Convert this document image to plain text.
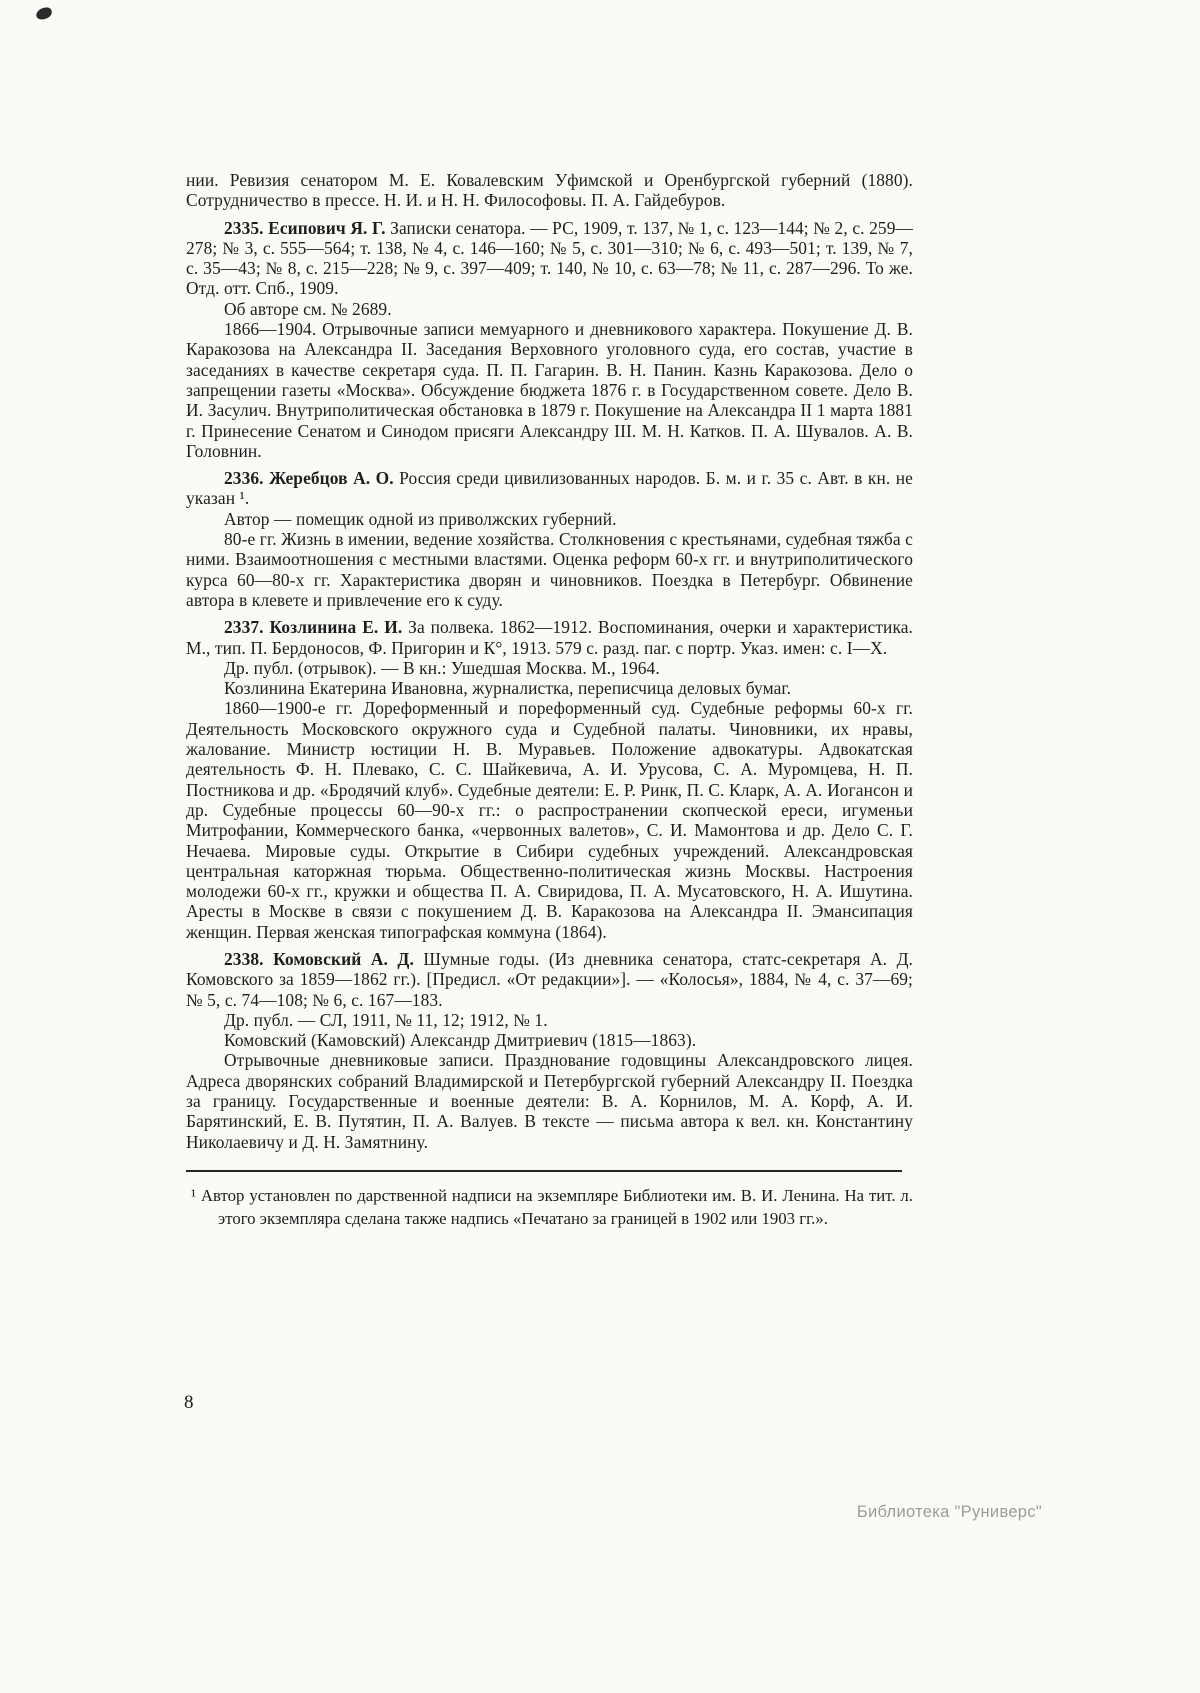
нии. Ревизия сенатором М. Е. Ковалевским Уфимской и Оренбургской губерний (1880). Сотрудничество в прессе. Н. И. и Н. Н. Философовы. П. А. Гайдебуров.

2335. Есипович Я. Г. Записки сенатора. — РС, 1909, т. 137, № 1, с. 123—144; № 2, с. 259—278; № 3, с. 555—564; т. 138, № 4, с. 146—160; № 5, с. 301—310; № 6, с. 493—501; т. 139, № 7, с. 35—43; № 8, с. 215—228; № 9, с. 397—409; т. 140, № 10, с. 63—78; № 11, с. 287—296. То же. Отд. отт. Спб., 1909.

Об авторе см. № 2689.

1866—1904. Отрывочные записи мемуарного и дневникового характера. Покушение Д. В. Каракозова на Александра II. Заседания Верховного уголовного суда, его состав, участие в заседаниях в качестве секретаря суда. П. П. Гагарин. В. Н. Панин. Казнь Каракозова. Дело о запрещении газеты «Москва». Обсуждение бюджета 1876 г. в Государственном совете. Дело В. И. Засулич. Внутриполитическая обстановка в 1879 г. Покушение на Александра II 1 марта 1881 г. Принесение Сенатом и Синодом присяги Александру III. М. Н. Катков. П. А. Шувалов. А. В. Головнин.

2336. Жеребцов А. О. Россия среди цивилизованных народов. Б. м. и г. 35 с. Авт. в кн. не указан ¹.

Автор — помещик одной из приволжских губерний.

80-е гг. Жизнь в имении, ведение хозяйства. Столкновения с крестьянами, судебная тяжба с ними. Взаимоотношения с местными властями. Оценка реформ 60-х гг. и внутриполитического курса 60—80-х гг. Характеристика дворян и чиновников. Поездка в Петербург. Обвинение автора в клевете и привлечение его к суду.

2337. Козлинина Е. И. За полвека. 1862—1912. Воспоминания, очерки и характеристика. М., тип. П. Бердоносов, Ф. Пригорин и К°, 1913. 579 с. разд. паг. с портр. Указ. имен: с. I—X.

Др. публ. (отрывок). — В кн.: Ушедшая Москва. М., 1964.

Козлинина Екатерина Ивановна, журналистка, переписчица деловых бумаг.

1860—1900-е гг. Дореформенный и пореформенный суд. Судебные реформы 60-х гг. Деятельность Московского окружного суда и Судебной палаты. Чиновники, их нравы, жалование. Министр юстиции Н. В. Муравьев. Положение адвокатуры. Адвокатская деятельность Ф. Н. Плевако, С. С. Шайкевича, А. И. Урусова, С. А. Муромцева, Н. П. Постникова и др. «Бродячий клуб». Судебные деятели: Е. Р. Ринк, П. С. Кларк, А. А. Иогансон и др. Судебные процессы 60—90-х гг.: о распространении скопческой ереси, игуменьи Митрофании, Коммерческого банка, «червонных валетов», С. И. Мамонтова и др. Дело С. Г. Нечаева. Мировые суды. Открытие в Сибири судебных учреждений. Александровская центральная каторжная тюрьма. Общественно-политическая жизнь Москвы. Настроения молодежи 60-х гг., кружки и общества П. А. Свиридова, П. А. Мусатовского, Н. А. Ишутина. Аресты в Москве в связи с покушением Д. В. Каракозова на Александра II. Эмансипация женщин. Первая женская типографская коммуна (1864).

2338. Комовский А. Д. Шумные годы. (Из дневника сенатора, статс-секретаря А. Д. Комовского за 1859—1862 гг.). [Предисл. «От редакции»]. — «Колосья», 1884, № 4, с. 37—69; № 5, с. 74—108; № 6, с. 167—183.

Др. публ. — СЛ, 1911, № 11, 12; 1912, № 1.

Комовский (Камовский) Александр Дмитриевич (1815—1863).

Отрывочные дневниковые записи. Празднование годовщины Александровского лицея. Адреса дворянских собраний Владимирской и Петербургской губерний Александру II. Поездка за границу. Государственные и военные деятели: В. А. Корнилов, М. А. Корф, А. И. Барятинский, Е. В. Путятин, П. А. Валуев. В тексте — письма автора к вел. кн. Константину Николаевичу и Д. Н. Замятнину.

¹ Автор установлен по дарственной надписи на экземпляре Библиотеки им. В. И. Ленина. На тит. л. этого экземпляра сделана также надпись «Печатано за границей в 1902 или 1903 гг.».

8
Библиотека "Руниверс"
